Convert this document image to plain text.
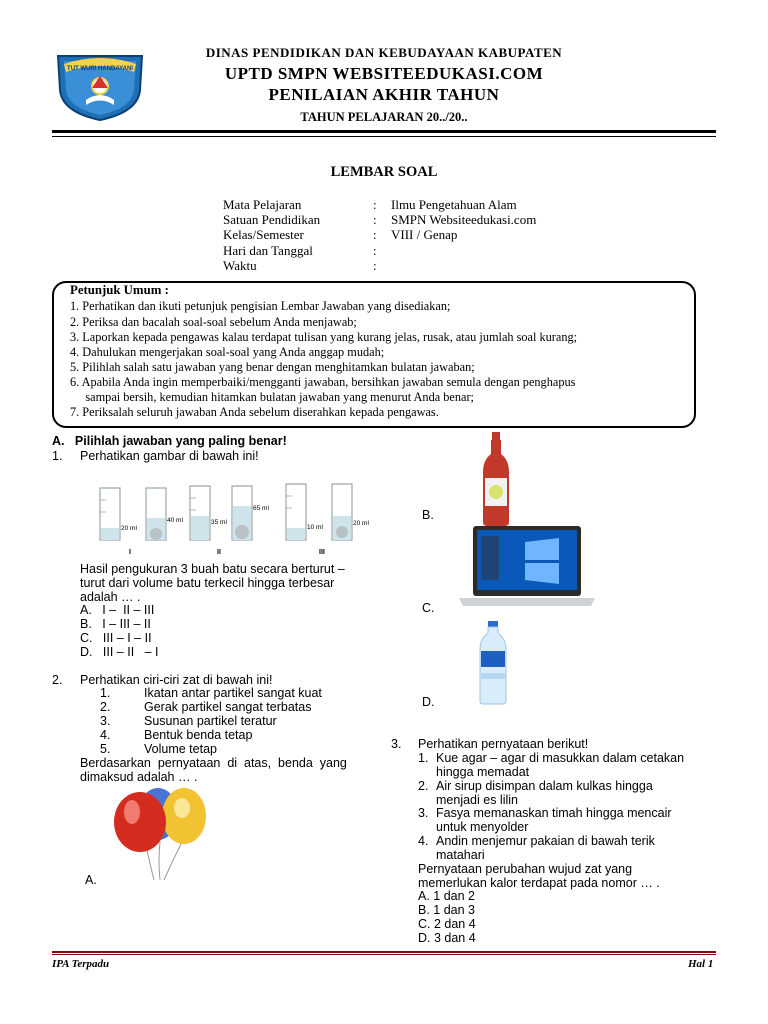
TUT WURI HANDAYANI
DINAS PENDIDIKAN DAN KEBUDAYAAN KABUPATEN
UPTD SMPN WEBSITEEDUKASI.COM
PENILAIAN AKHIR TAHUN
TAHUN PELAJARAN 20../20..
LEMBAR SOAL
Mata Pelajaran	: Ilmu Pengetahuan Alam
Satuan Pendidikan	: SMPN Websiteedukasi.com
Kelas/Semester	: VIII / Genap
Hari dan Tanggal	:
Waktu	:
Petunjuk Umum :
1. Perhatikan dan ikuti petunjuk pengisian Lembar Jawaban yang disediakan;
2. Periksa dan bacalah soal-soal sebelum Anda menjawab;
3. Laporkan kepada pengawas kalau terdapat tulisan yang kurang jelas, rusak, atau jumlah soal kurang;
4. Dahulukan mengerjakan soal-soal yang Anda anggap mudah;
5. Pilihlah salah satu jawaban yang benar dengan menghitamkan bulatan jawaban;
6. Apabila Anda ingin memperbaiki/mengganti jawaban, bersihkan jawaban semula dengan penghapus
sampai bersih, kemudian hitamkan bulatan jawaban yang menurut Anda benar;
7. Periksalah seluruh jawaban Anda sebelum diserahkan kepada pengawas.
A.   Pilihlah jawaban yang paling benar!
1. Perhatikan gambar di bawah ini!
20 ml
40 ml	35 ml
65 ml
10 ml
20 ml
I	II	III
Hasil pengukuran 3 buah batu secara berturut –
turut dari volume batu terkecil hingga terbesar
adalah … .
A.   I –  II – III
B.   I – III – II
C.   III – I – II
D.   III – II   – I
2. Perhatikan ciri-ciri zat di bawah ini!
1.	Ikatan antar partikel sangat kuat
2.	Gerak partikel sangat terbatas
3.	Susunan partikel teratur
4.	Bentuk benda tetap
5.	Volume tetap
Berdasarkan  pernyataan  di  atas,  benda  yang
dimaksud adalah … .
A.
B.
C.
D.
3. Perhatikan pernyataan berikut!
1. Kue agar – agar di masukkan dalam cetakan
hingga memadat
2. Air sirup disimpan dalam kulkas hingga
menjadi es lilin
3. Fasya memanaskan timah hingga mencair
untuk menyolder
4. Andin menjemur pakaian di bawah terik
matahari
Pernyataan perubahan wujud zat yang
memerlukan kalor terdapat pada nomor … .
A. 1 dan 2
B. 1 dan 3
C. 2 dan 4
D. 3 dan 4
IPA Terpadu	Hal 1
